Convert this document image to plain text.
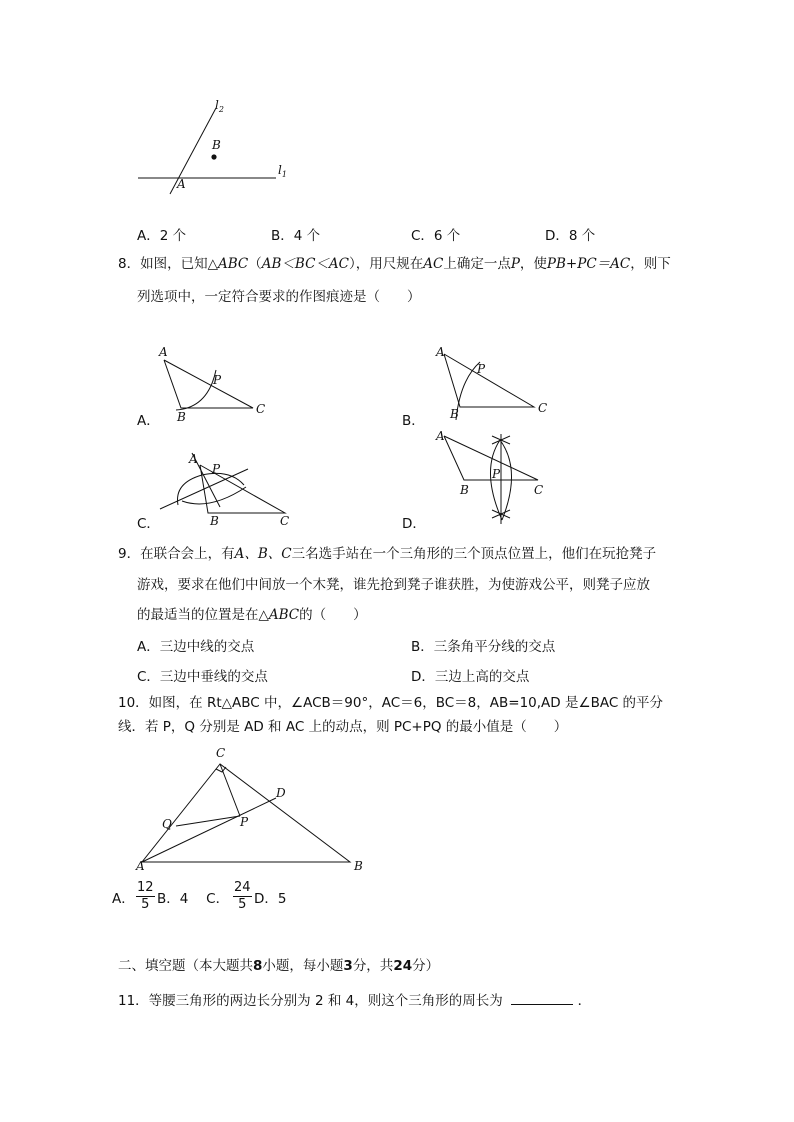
$l_2$
B
$l_1$
A
A．2 个	B．4 个	C．6 个	D．8 个
8．如图，已知△ABC（AB＜BC＜AC），用尺规在AC上确定一点P，使PB+PC＝AC，则下
列选项中，一定符合要求的作图痕迹是（　　）
A
P
B
C
A．
A
P
B	C
B．
A
P
B	C
C．
A
P
B	C
D．
9．在联合会上，有A、B、C三名选手站在一个三角形的三个顶点位置上，他们在玩抢凳子
游戏，要求在他们中间放一个木凳，谁先抢到凳子谁获胜，为使游戏公平，则凳子应放
的最适当的位置是在△ABC的（　　）
A．三边中线的交点	B．三条角平分线的交点
C．三边中垂线的交点	D．三边上高的交点
10．如图，在 Rt△ABC 中，∠ACB＝90°，AC＝6，BC＝8，AB=10,AD 是∠BAC 的平分
线．若 P，Q 分别是 AD 和 AC 上的动点，则 PC+PQ 的最小值是（　　）
C
D
Q	P
A	B
A． $\frac{12}{5}$ B．4　 C． $\frac{24}{5}$ D．5
二、填空题（本大题共8小题，每小题3分，共24分）
11．等腰三角形的两边长分别为 2 和 4，则这个三角形的周长为	．
